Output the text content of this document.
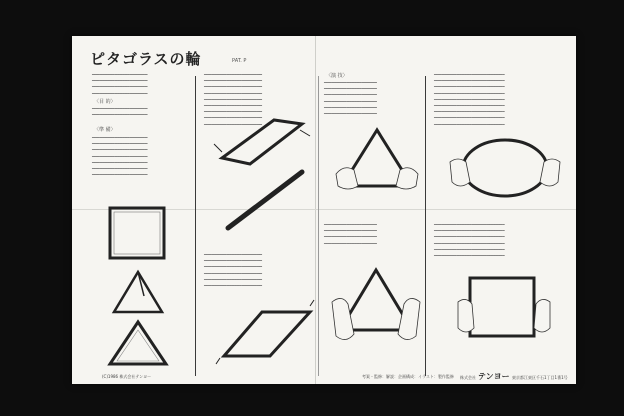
ピタゴラスの輪	PAT. P
━━━━━━━━━━━━━━━━━━━━━━
━━━━━━━━━━━━━━━━━━━━━━
━━━━━━━━━━━━━━━━━━━━━━
━━━━━━━━━━━━━━━━━━━━━━
〈目 的〉
━━━━━━━━━━━━━━━━━━━━━━
━━━━━━━━━━━━━━━━━━━━━━
〈準 備〉
━━━━━━━━━━━━━━━━━━━━━━
━━━━━━━━━━━━━━━━━━━━━━
━━━━━━━━━━━━━━━━━━━━━━
━━━━━━━━━━━━━━━━━━━━━━
━━━━━━━━━━━━━━━━━━━━━━
━━━━━━━━━━━━━━━━━━━━━━
━━━━━━━━━━━━━━━━━━━━━━
━━━━━━━━━━━━━━━━━━━━━━━
━━━━━━━━━━━━━━━━━━━━━━━
━━━━━━━━━━━━━━━━━━━━━━━
━━━━━━━━━━━━━━━━━━━━━━━
━━━━━━━━━━━━━━━━━━━━━━━
━━━━━━━━━━━━━━━━━━━━━━━
━━━━━━━━━━━━━━━━━━━━━━━
━━━━━━━━━━━━━━━━━━━━━━━
━━━━━━━━━━━━━━━━━━━━━━━
━━━━━━━━━━━━━━━━━━━━━━━
━━━━━━━━━━━━━━━━━━━━━━━
━━━━━━━━━━━━━━━━━━━━━━━
━━━━━━━━━━━━━━━━━━━━━━━
━━━━━━━━━━━━━━━━━━━━━━━
━━━━━━━━━━━━━━━━━━━━━━━
〈演 技〉
━━━━━━━━━━━━━━━━━━━━━
━━━━━━━━━━━━━━━━━━━━━
━━━━━━━━━━━━━━━━━━━━━
━━━━━━━━━━━━━━━━━━━━━
━━━━━━━━━━━━━━━━━━━━━
━━━━━━━━━━━━━━━━━━━━━
━━━━━━━━━━━━━━━━━━━━━
━━━━━━━━━━━━━━━━━━━━━
━━━━━━━━━━━━━━━━━━━━━
━━━━━━━━━━━━━━━━━━━━━
━━━━━━━━━━━━━━━━━━━━━━━━━━━━
━━━━━━━━━━━━━━━━━━━━━━━━━━━━
━━━━━━━━━━━━━━━━━━━━━━━━━━━━
━━━━━━━━━━━━━━━━━━━━━━━━━━━━
━━━━━━━━━━━━━━━━━━━━━━━━━━━━
━━━━━━━━━━━━━━━━━━━━━━━━━━━━
━━━━━━━━━━━━━━━━━━━━━━━━━━━━
━━━━━━━━━━━━━━━━━━━━━━━━━━━━
━━━━━━━━━━━━━━━━━━━━━━━━━━━━
━━━━━━━━━━━━━━━━━━━━━━━━━━━━
━━━━━━━━━━━━━━━━━━━━━━━━━━━━
━━━━━━━━━━━━━━━━━━━━━━━━━━━━
━━━━━━━━━━━━━━━━━━━━━━━━━━━━
━━━━━━━━━━━━━━━━━━━━━━━━━━━━
━━━━━━━━━━━━━━━━━━━━━━━━━━━━
(C)1986 株式会社テンヨー	考案・監修：解説：企画構成：イラスト：製作監修 株式会社 テンヨー 東京都江東区千石1丁目1番1号
